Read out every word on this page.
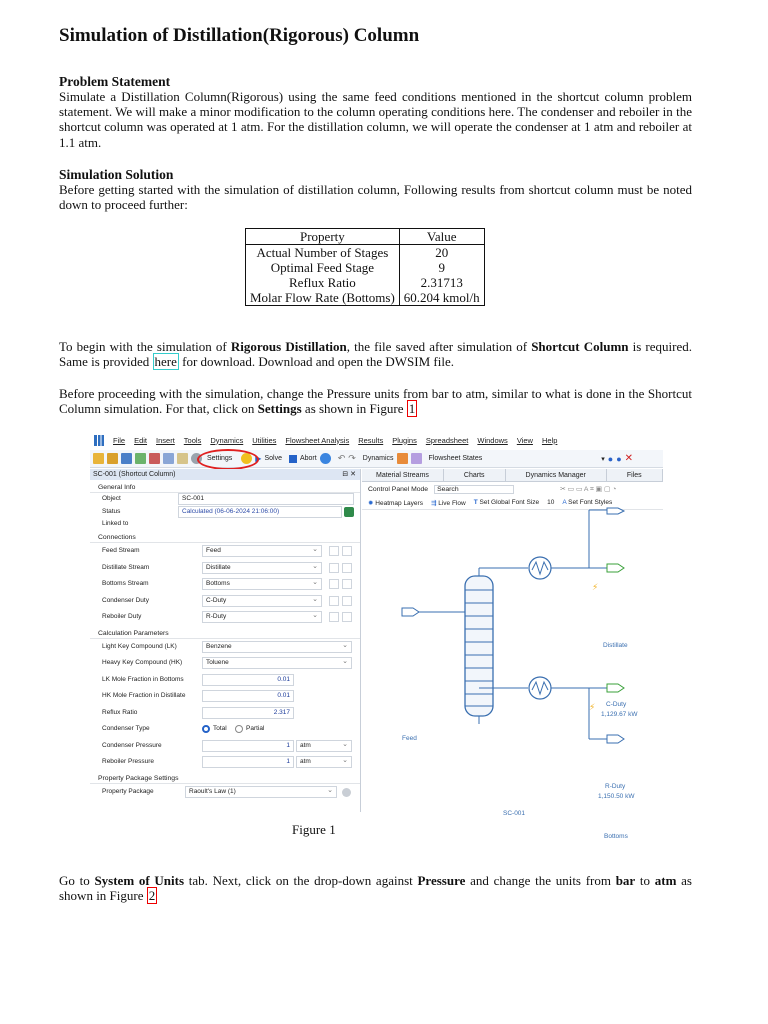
Simulation of Distillation(Rigorous) Column
Problem Statement

Simulate a Distillation Column(Rigorous) using the same feed conditions mentioned in the shortcut column problem statement. We will make a minor modification to the column operating conditions here. The condenser and reboiler in the shortcut column was operated at 1 atm. For the distillation column, we will operate the condenser at 1 atm and reboiler at 1.1 atm.

Simulation Solution

Before getting started with the simulation of distillation column, Following results from shortcut column must be noted down to proceed further:

Property	Value
Actual Number of Stages	20
Optimal Feed Stage	9
Reflux Ratio	2.31713
Molar Flow Rate (Bottoms)	60.204 kmol/h

To begin with the simulation of Rigorous Distillation, the file saved after simulation of Shortcut Column is required. Same is provided here for download. Download and open the DWSIM file.

Before proceeding with the simulation, change the Pressure units from bar to atm, similar to what is done in the Shortcut Column simulation. For that, click on Settings as shown in Figure 1

Go to System of Units tab. Next, click on the drop-down against Pressure and change the units from bar to atm as shown in Figure 2

File Edit Insert Tools Dynamics Utilities Flowsheet Analysis Results Plugins Spreadsheet Windows View Help
Settings	▶ Solve	Abort ↶ ↷ Dynamics	Flowsheet States	▾ ● ● ✕
SC-001 (Shortcut Column)	⊟ ✕
General Info
Object	SC-001
Status	Calculated (06-06-2024 21:06:00)
Linked to
Connections
Feed Stream	Feed ⌄
Distillate Stream	Distillate ⌄
Bottoms Stream	Bottoms ⌄
Condenser Duty	C-Duty ⌄
Reboiler Duty	R-Duty ⌄
Calculation Parameters
Light Key Compound (LK)	Benzene ⌄
Heavy Key Compound (HK)	Toluene ⌄
LK Mole Fraction in Bottoms	0.01
HK Mole Fraction in Distillate	0.01
Reflux Ratio	2.317
Condenser Type	Total	Partial
Condenser Pressure	1	atm ⌄
Reboiler Pressure	1	atm ⌄
Property Package Settings
Property Package	Raoult's Law (1) ⌄
Material Streams	Charts	Dynamics Manager	Files
Control Panel Mode	Search	✂ ▭ ▭ A ⌗ ▣ ▢ ◔
✹ Heatmap Layers ⇶ Live Flow T Set Global Font Size 10 A Set Font Styles
⚡
⚡
Distillate
C-Duty
1,129.67 kW
Feed
R-Duty
1,150.50 kW
SC-001
Bottoms
Figure 1
